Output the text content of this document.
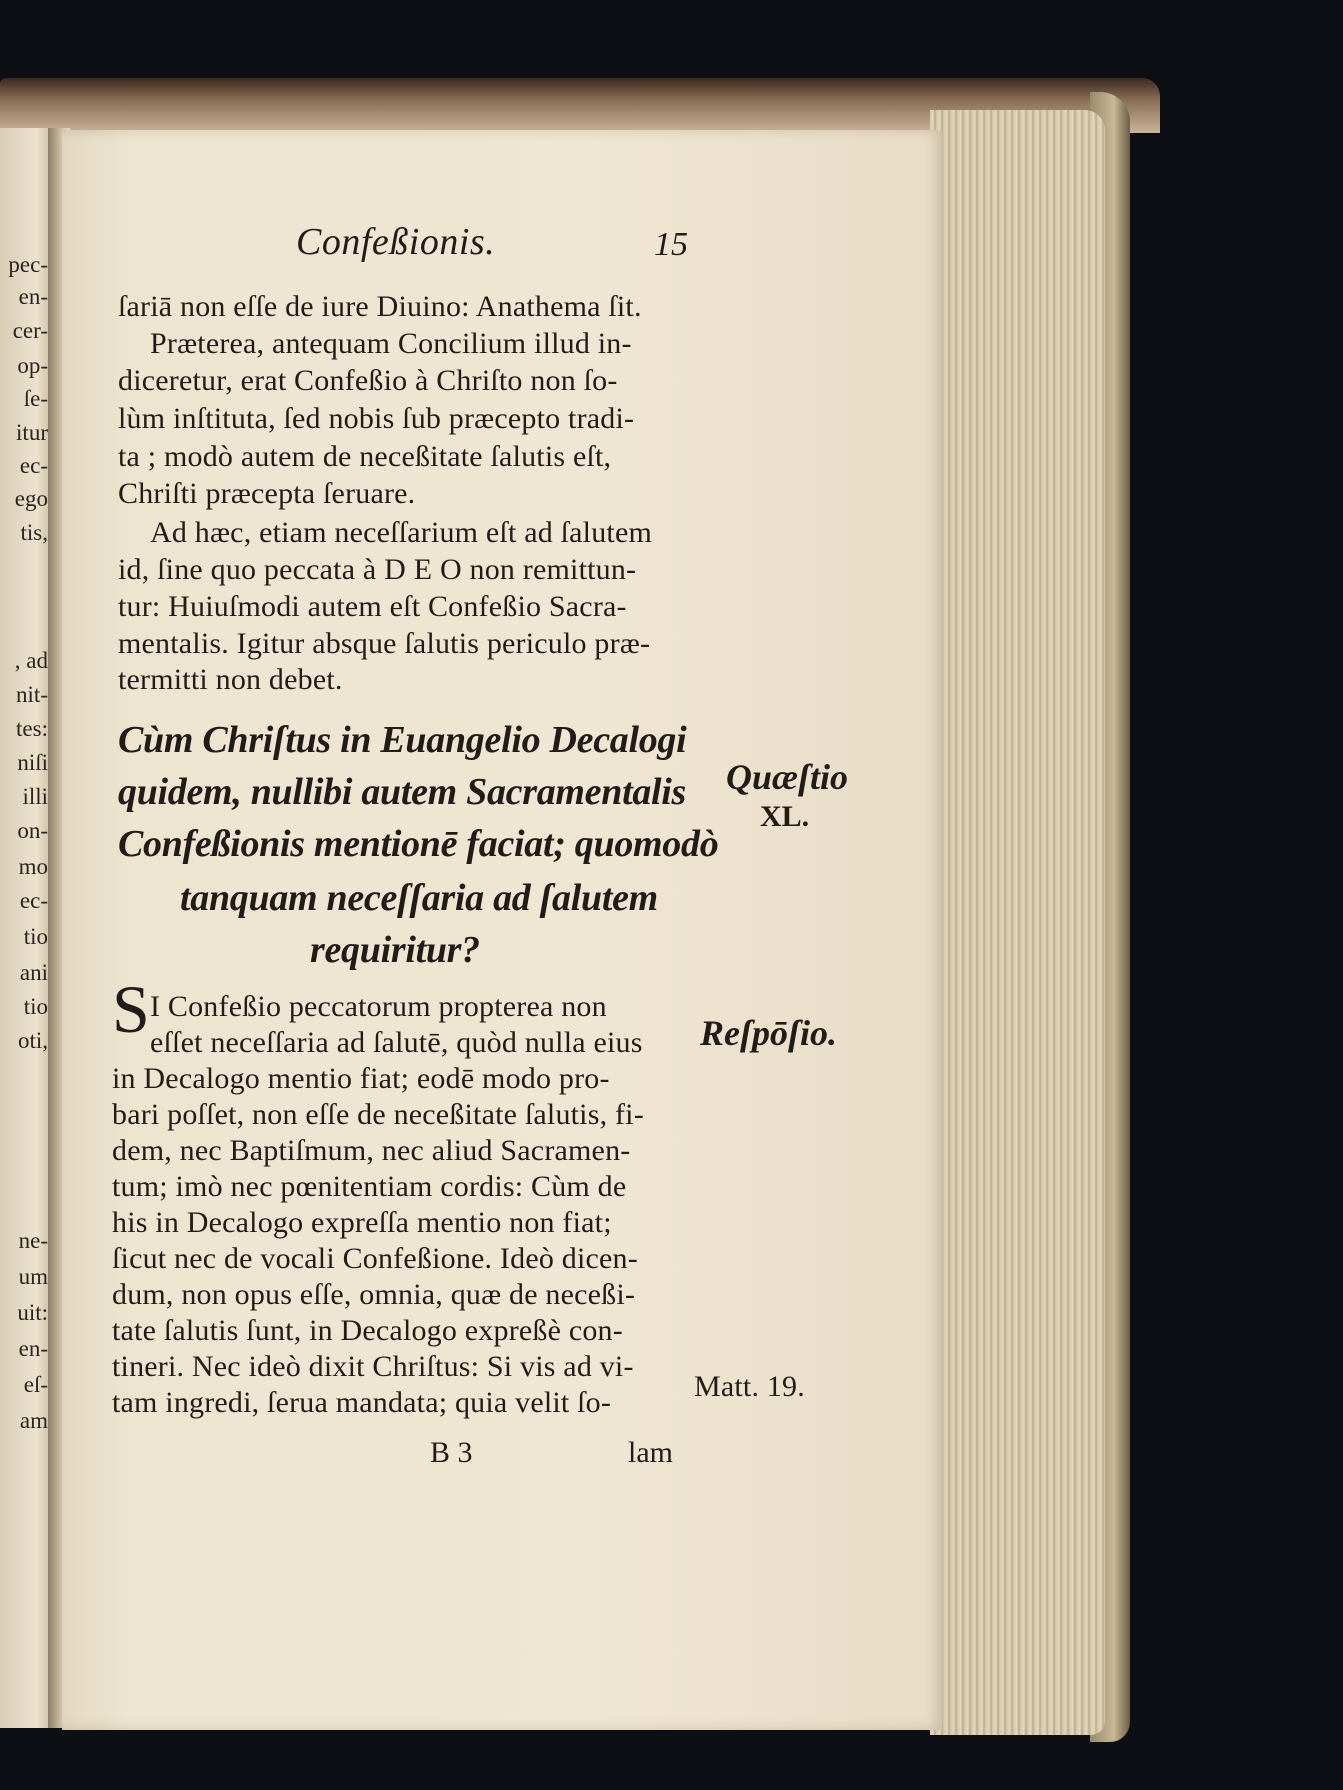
pec-
en-
cer-
op-
ſe-
itur
ec-
ego
tis,
, ad
nit-
tes:
niſi
illi
on-
mo
ec-
tio
ani
tio
oti,
ne-
um
uit:
en-
eſ-
am
Confeßionis.	15
ſariā non eſſe de iure Diuino: Anathema ſit.
Præterea, antequam Concilium illud in-
diceretur, erat Confeßio à Chriſto non ſo-
lùm inſtituta, ſed nobis ſub præcepto tradi-
ta ; modò autem de neceßitate ſalutis eſt,
Chriſti præcepta ſeruare.
Ad hæc, etiam neceſſarium eſt ad ſalutem
id, ſine quo peccata à D E O non remittun-
tur: Huiuſmodi autem eſt Confeßio Sacra-
mentalis. Igitur absque ſalutis periculo præ-
termitti non debet.
Cùm Chriſtus in Euangelio Decalogi
quidem, nullibi autem Sacramentalis
Confeßionis mentionē faciat; quomodò
tanquam neceſſaria ad ſalutem
requiritur?
S I Confeßio peccatorum propterea non
eſſet neceſſaria ad ſalutē, quòd nulla eius
in Decalogo mentio fiat; eodē modo pro-
bari poſſet, non eſſe de neceßitate ſalutis, fi-
dem, nec Baptiſmum, nec aliud Sacramen-
tum; imò nec pœnitentiam cordis: Cùm de
his in Decalogo expreſſa mentio non fiat;
ſicut nec de vocali Confeßione. Ideò dicen-
dum, non opus eſſe, omnia, quæ de neceßi-
tate ſalutis ſunt, in Decalogo expreßè con-
tineri. Nec ideò dixit Chriſtus: Si vis ad vi-
tam ingredi, ſerua mandata; quia velit ſo-
B 3	lam
Quæſtio
XL.
Reſpōſio.
Matt. 19.
